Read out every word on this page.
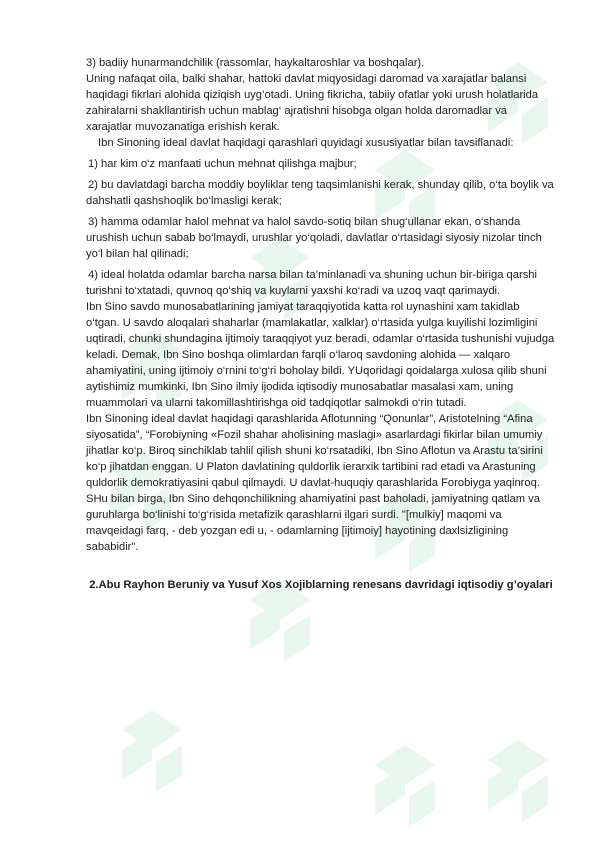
3) badiiy hunarmandchilik (rassomlar, haykaltaroshlar va boshqalar).

Uning nafaqat oila, balki shahar, hattoki davlat miqyosidagi daromad va xarajatlar balansi haqidagi fikrlari alohida qiziqish uyg’otadi. Uning fikricha, tabiiy ofatlar yoki urush holatlarida zahiralarni shakllantirish uchun mablag‘ ajratishni hisobga olgan holda daromadlar va xarajatlar muvozanatiga erishish kerak.

Ibn Sinoning ideal davlat haqidagi qarashlari quyidagi xususiyatlar bilan tavsiflanadi:

1) har kim o‘z manfaati uchun mehnat qilishga majbur;

2) bu davlatdagi barcha moddiy boyliklar teng taqsimlanishi kerak, shunday qilib, o‘ta boylik va dahshatli qashshoqlik bo‘lmasligi kerak;

3) hamma odamlar halol mehnat va halol savdo-sotiq bilan shug‘ullanar ekan, o‘shanda urushish uchun sabab bo‘lmaydi, urushlar yo‘qoladi, davlatlar o‘rtasidagi siyosiy nizolar tinch yo‘l bilan hal qilinadi;

4) ideal holatda odamlar barcha narsa bilan ta’minlanadi va shuning uchun bir-biriga qarshi turishni to‘xtatadi, quvnoq qo‘shiq va kuylarni yaxshi ko‘radi va uzoq vaqt qarimaydi.

Ibn Sino savdo munosabatlarining jamiyat taraqqiyotida katta rol uynashini xam takidlab o‘tgan. U savdo aloqalari shaharlar (mamlakatlar, xalklar) o‘rtasida yulga kuyilishi lozimligini uqtiradi, chunki shundagina ijtimoiy taraqqiyot yuz beradi, odamlar o‘rtasida tushunishi vujudga keladi. Demak, Ibn Sino boshqa olimlardan farqli o‘laroq savdoning alohida — xalqaro ahamiyatini, uning ijtimoiy o‘rnini to‘g‘ri boholay bildi. YUqoridagi qoidalarga xulosa qilib shuni aytishimiz mumkinki, Ibn Sino ilmiy ijodida iqtisodiy munosabatlar masalasi xam, uning muammolari va ularni takomillashtirishga oid tadqiqotlar salmokdi o‘rin tutadi.

Ibn Sinoning ideal davlat haqidagi qarashlarida Aflotunning “Qonunlar”, Aristotelning “Afina siyosatida”, “Forobiyning «Fozil shahar aholisining maslagi» asarlardagi fikirlar bilan umumiy jihatlar ko‘p. Biroq sinchiklab tahlil qilish shuni ko‘rsatadiki, Ibn Sino Aflotun va Arastu ta’sirini ko‘p jihatdan enggan. U Platon davlatining quldorlik ierarxik tartibini rad etadi va Arastuning quldorlik demokratiyasini qabul qilmaydi. U davlat-huquqiy qarashlarida Forobiyga yaqinroq. SHu bilan birga, Ibn Sino dehqonchilikning ahamiyatini past baholadi, jamiyatning qatlam va guruhlarga bo‘linishi to‘g‘risida metafizik qarashlarni ilgari surdi. "[mulkiy] maqomi va mavqeidagi farq, - deb yozgan edi u, - odamlarning [ijtimoiy] hayotining daxlsizligining sababidir".

2.Abu Rayhon Beruniy va Yusuf Xos Xojiblarning renesans davridagi iqtisodiy g’oyalari
